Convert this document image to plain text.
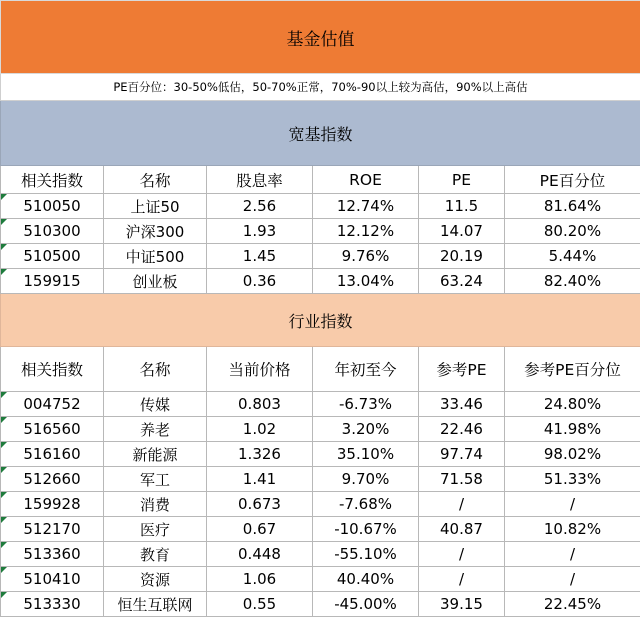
基金估值					
PE百分位：30-50%低估，50-70%正常，70%-90以上较为高估，90%以上高估					
宽基指数					
相关指数	名称	股息率	ROE	PE	PE百分位
510050	上证50	2.56	12.74%	11.5	81.64%
510300	沪深300	1.93	12.12%	14.07	80.20%
510500	中证500	1.45	9.76%	20.19	5.44%
159915	创业板	0.36	13.04%	63.24	82.40%
行业指数					
相关指数	名称	当前价格	年初至今	参考PE	参考PE百分位
004752	传媒	0.803	-6.73%	33.46	24.80%
516560	养老	1.02	3.20%	22.46	41.98%
516160	新能源	1.326	35.10%	97.74	98.02%
512660	军工	1.41	9.70%	71.58	51.33%
159928	消费	0.673	-7.68%	/	/
512170	医疗	0.67	-10.67%	40.87	10.82%
513360	教育	0.448	-55.10%	/	/
510410	资源	1.06	40.40%	/	/
513330	恒生互联网	0.55	-45.00%	39.15	22.45%
